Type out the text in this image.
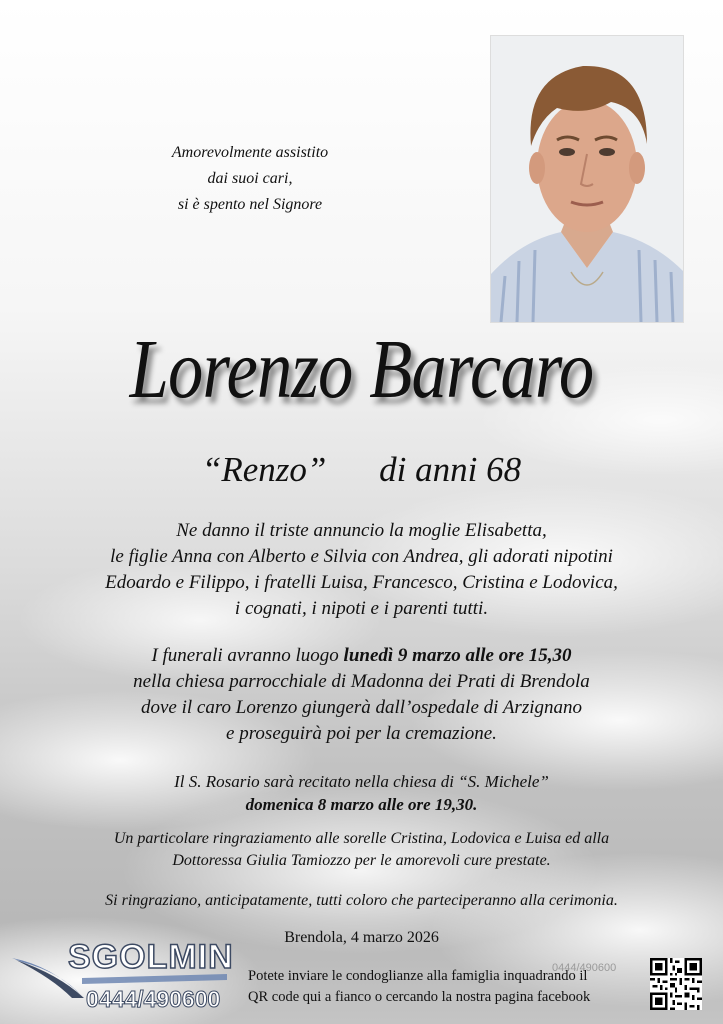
Amorevolmente assistito
dai suoi cari,
si è spento nel Signore
Lorenzo Barcaro
“Renzo” di anni 68
Ne danno il triste annuncio la moglie Elisabetta,
le figlie Anna con Alberto e Silvia con Andrea, gli adorati nipotini
Edoardo e Filippo, i fratelli Luisa, Francesco, Cristina e Lodovica,
i cognati, i nipoti e i parenti tutti.
I funerali avranno luogo lunedì 9 marzo alle ore 15,30
nella chiesa parrocchiale di Madonna dei Prati di Brendola
dove il caro Lorenzo giungerà dall’ospedale di Arzignano
e proseguirà poi per la cremazione.
Il S. Rosario sarà recitato nella chiesa di “S. Michele”
domenica 8 marzo alle ore 19,30.
Un particolare ringraziamento alle sorelle Cristina, Lodovica e Luisa ed alla
Dottoressa Giulia Tamiozzo per le amorevoli cure prestate.
Si ringraziano, anticipatamente, tutti coloro che parteciperanno alla cerimonia.
Brendola, 4 marzo 2026
SGOLMIN
0444/490600
0444/490600
Potete inviare le condoglianze alla famiglia inquadrando il
QR code qui a fianco o cercando la nostra pagina facebook
